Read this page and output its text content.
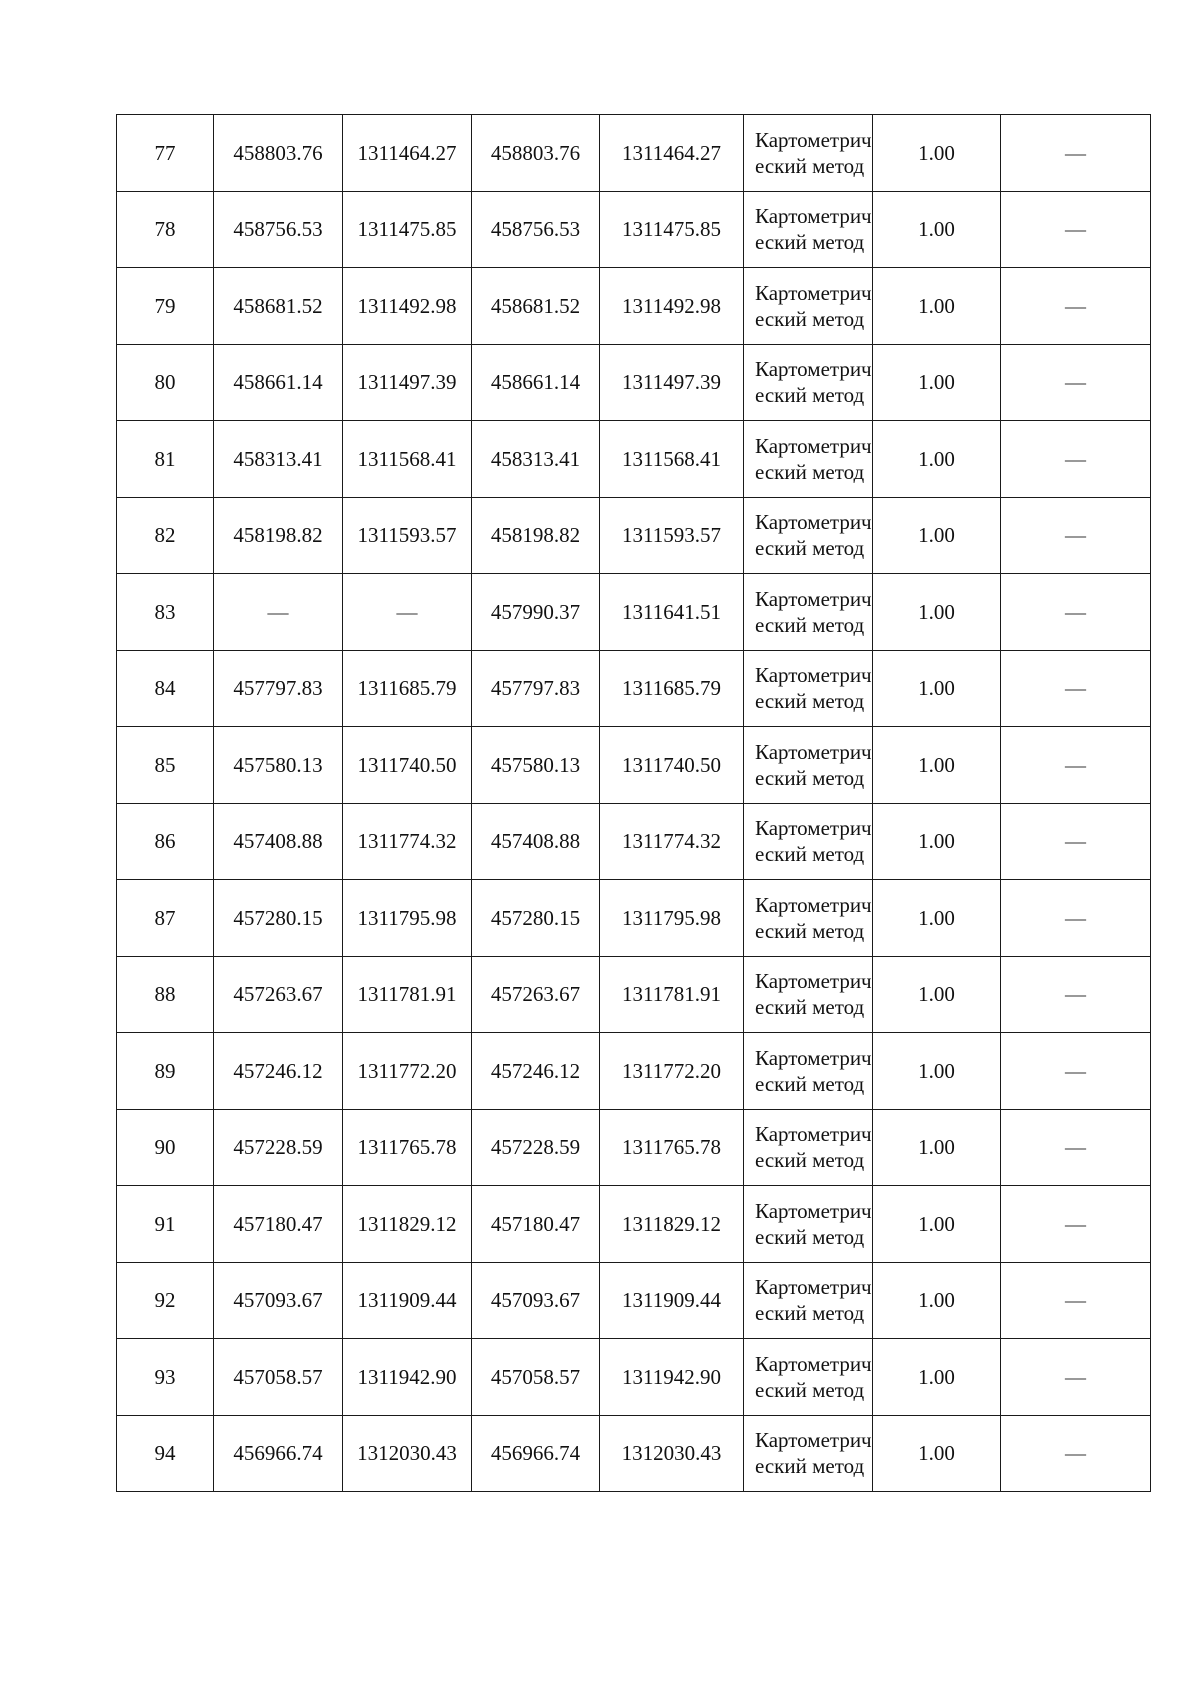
77	458803.76	1311464.27	458803.76	1311464.27	Картометрический метод	1.00	—
78	458756.53	1311475.85	458756.53	1311475.85	Картометрический метод	1.00	—
79	458681.52	1311492.98	458681.52	1311492.98	Картометрический метод	1.00	—
80	458661.14	1311497.39	458661.14	1311497.39	Картометрический метод	1.00	—
81	458313.41	1311568.41	458313.41	1311568.41	Картометрический метод	1.00	—
82	458198.82	1311593.57	458198.82	1311593.57	Картометрический метод	1.00	—
83	—	—	457990.37	1311641.51	Картометрический метод	1.00	—
84	457797.83	1311685.79	457797.83	1311685.79	Картометрический метод	1.00	—
85	457580.13	1311740.50	457580.13	1311740.50	Картометрический метод	1.00	—
86	457408.88	1311774.32	457408.88	1311774.32	Картометрический метод	1.00	—
87	457280.15	1311795.98	457280.15	1311795.98	Картометрический метод	1.00	—
88	457263.67	1311781.91	457263.67	1311781.91	Картометрический метод	1.00	—
89	457246.12	1311772.20	457246.12	1311772.20	Картометрический метод	1.00	—
90	457228.59	1311765.78	457228.59	1311765.78	Картометрический метод	1.00	—
91	457180.47	1311829.12	457180.47	1311829.12	Картометрический метод	1.00	—
92	457093.67	1311909.44	457093.67	1311909.44	Картометрический метод	1.00	—
93	457058.57	1311942.90	457058.57	1311942.90	Картометрический метод	1.00	—
94	456966.74	1312030.43	456966.74	1312030.43	Картометрический метод	1.00	—
